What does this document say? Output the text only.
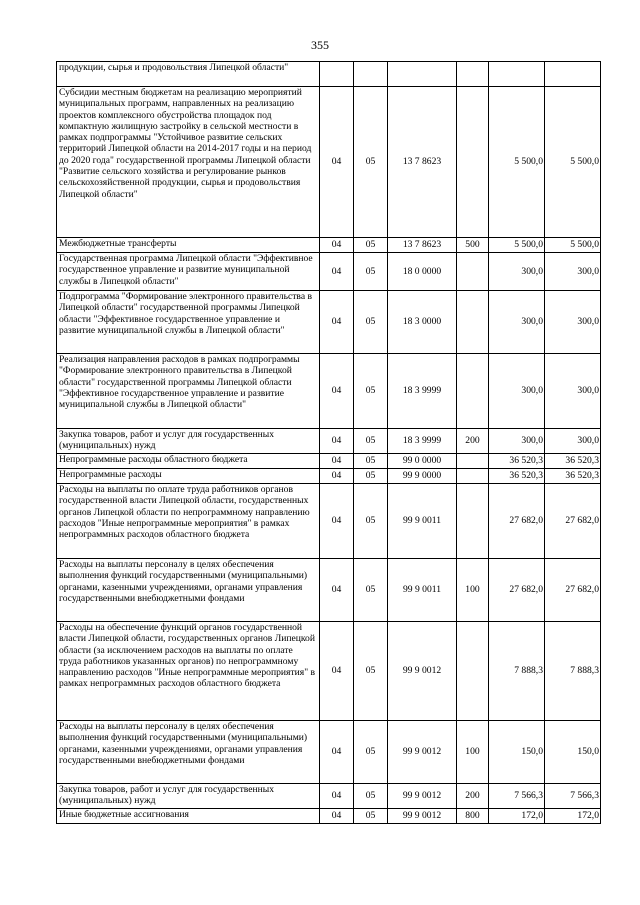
355
продукции, сырья и продовольствия Липецкой области"						
Субсидии местным бюджетам на реализацию мероприятий муниципальных программ, направленных на реализацию проектов комплексного обустройства площадок под компактную жилищную застройку в сельской местности в рамках подпрограммы "Устойчивое развитие сельских территорий Липецкой области на 2014-2017 годы и на период до 2020 года" государственной программы Липецкой области "Развитие сельского хозяйства и регулирование рынков сельскохозяйственной продукции, сырья и продовольствия Липецкой области"	04	05	13 7 8623		5 500,0	5 500,0
Межбюджетные трансферты	04	05	13 7 8623	500	5 500,0	5 500,0
Государственная программа Липецкой области "Эффективное государственное управление и развитие муниципальной службы в Липецкой области"	04	05	18 0 0000		300,0	300,0
Подпрограмма "Формирование электронного правительства в Липецкой области" государственной программы Липецкой области "Эффективное государственное управление и развитие муниципальной службы в Липецкой области"	04	05	18 3 0000		300,0	300,0
Реализация направления расходов в рамках подпрограммы "Формирование электронного правительства в Липецкой области" государственной программы Липецкой области "Эффективное государственное управление и развитие муниципальной службы в Липецкой области"	04	05	18 3 9999		300,0	300,0
Закупка товаров, работ и услуг для государственных (муниципальных) нужд	04	05	18 3 9999	200	300,0	300,0
Непрограммные расходы областного бюджета	04	05	99 0 0000		36 520,3	36 520,3
Непрограммные расходы	04	05	99 9 0000		36 520,3	36 520,3
Расходы на выплаты по оплате труда работников органов государственной власти Липецкой области, государственных органов Липецкой области по непрограммному направлению расходов "Иные непрограммные мероприятия" в рамках непрограммных расходов областного бюджета	04	05	99 9 0011		27 682,0	27 682,0
Расходы на выплаты персоналу в целях обеспечения выполнения функций государственными (муниципальными) органами, казенными учреждениями, органами управления государственными внебюджетными фондами	04	05	99 9 0011	100	27 682,0	27 682,0
Расходы на обеспечение функций органов государственной власти Липецкой области, государственных органов Липецкой области (за исключением расходов на выплаты по оплате труда работников указанных органов) по непрограммному направлению расходов "Иные непрограммные мероприятия" в рамках непрограммных расходов областного бюджета	04	05	99 9 0012		7 888,3	7 888,3
Расходы на выплаты персоналу в целях обеспечения выполнения функций государственными (муниципальными) органами, казенными учреждениями, органами управления государственными внебюджетными фондами	04	05	99 9 0012	100	150,0	150,0
Закупка товаров, работ и услуг для государственных (муниципальных) нужд	04	05	99 9 0012	200	7 566,3	7 566,3
Иные бюджетные ассигнования	04	05	99 9 0012	800	172,0	172,0
